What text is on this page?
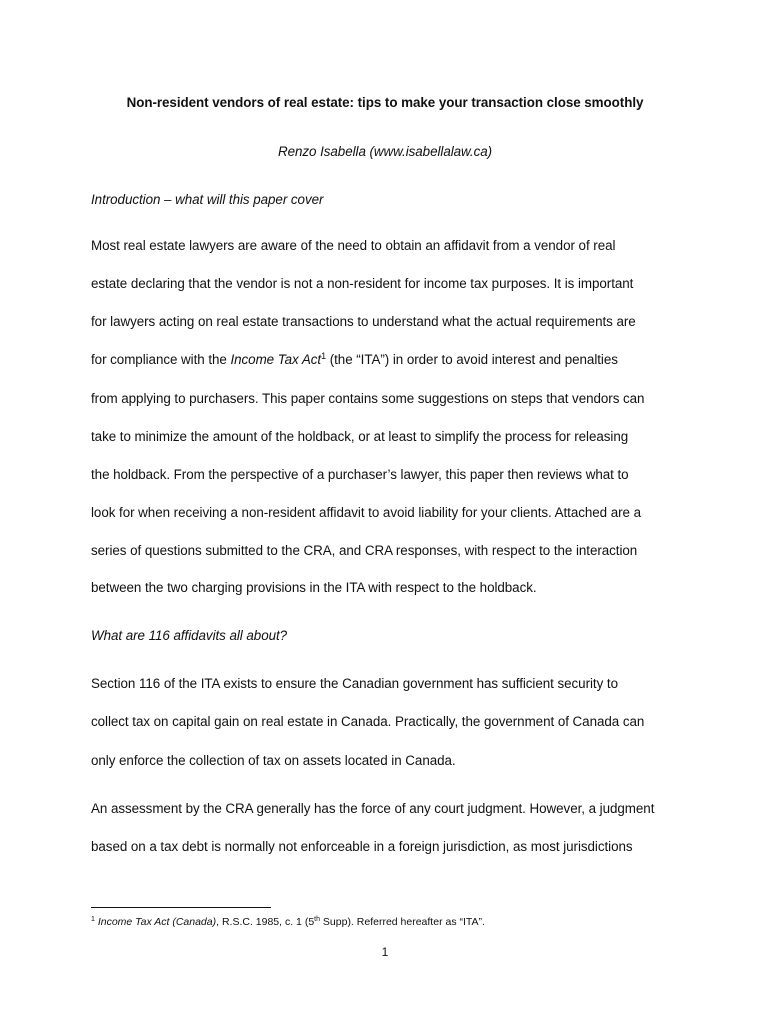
Non-resident vendors of real estate: tips to make your transaction close smoothly
Renzo Isabella (www.isabellalaw.ca)
Introduction – what will this paper cover
Most real estate lawyers are aware of the need to obtain an affidavit from a vendor of real
estate declaring that the vendor is not a non-resident for income tax purposes. It is important
for lawyers acting on real estate transactions to understand what the actual requirements are
for compliance with the Income Tax Act$^1$ (the “ITA”) in order to avoid interest and penalties
from applying to purchasers. This paper contains some suggestions on steps that vendors can
take to minimize the amount of the holdback, or at least to simplify the process for releasing
the holdback. From the perspective of a purchaser’s lawyer, this paper then reviews what to
look for when receiving a non-resident affidavit to avoid liability for your clients. Attached are a
series of questions submitted to the CRA, and CRA responses, with respect to the interaction
between the two charging provisions in the ITA with respect to the holdback.
What are 116 affidavits all about?
Section 116 of the ITA exists to ensure the Canadian government has sufficient security to
collect tax on capital gain on real estate in Canada. Practically, the government of Canada can
only enforce the collection of tax on assets located in Canada.
An assessment by the CRA generally has the force of any court judgment. However, a judgment
based on a tax debt is normally not enforceable in a foreign jurisdiction, as most jurisdictions
$^1$ Income Tax Act (Canada), R.S.C. 1985, c. 1 (5th Supp). Referred hereafter as “ITA”.
1
